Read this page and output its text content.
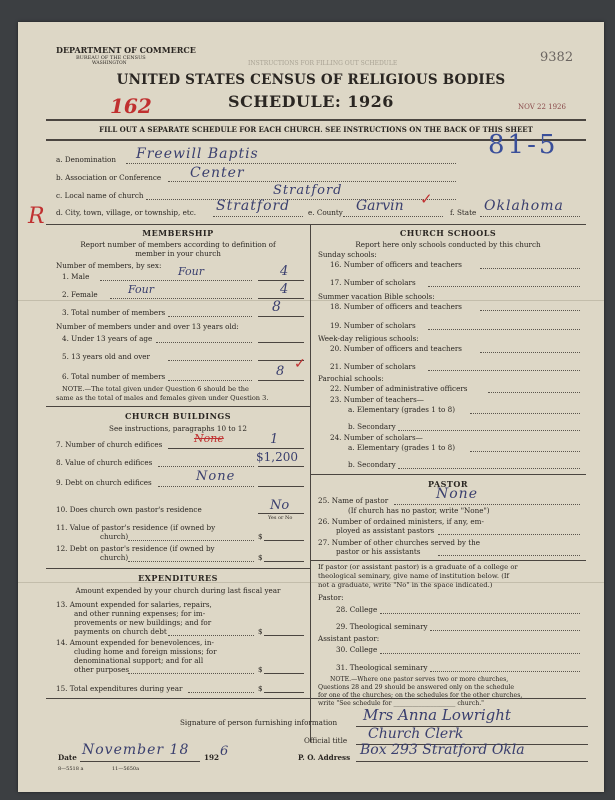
DEPARTMENT OF COMMERCE
BUREAU OF THE CENSUS
WASHINGTON	INSTRUCTIONS FOR FILLING OUT SCHEDULE	9382
UNITED STATES CENSUS OF RELIGIOUS BODIES
SCHEDULE: 1926
162	NOV 22 1926
FILL OUT A SEPARATE SCHEDULE FOR EACH CHURCH. SEE INSTRUCTIONS ON THE BACK OF THIS SHEET
81-5
a. Denomination Freewill Baptis
b. Association or Conference Center
c. Local name of church	Stratford
R d. City, town, village, or township, etc. Stratford e. County Garvin ✓
f. State Oklahoma
MEMBERSHIP
Report number of members according to definition of
member in your church
Number of members, by sex:
1. Male	Four	4
2. Female	Four	4
3. Total number of members	8
Number of members under and over 13 years old:
4. Under 13 years of age
5. 13 years old and over
6. Total number of members	8 ✓
NOTE.—The total given under Question 6 should be the
same as the total of males and females given under Question 3.
CHURCH BUILDINGS
See instructions, paragraphs 10 to 12
7. Number of church edifices	None	1
8. Value of church edifices	$1,200
9. Debt on church edifices	None
10. Does church own pastor's residence	No
Yes or No
11. Value of pastor's residence (if owned by
church)	$
12. Debt on pastor's residence (if owned by
church)	$
EXPENDITURES
Amount expended by your church during last fiscal year
13. Amount expended for salaries, repairs,
and other running expenses; for im-
provements or new buildings; and for
payments on church debt	$
14. Amount expended for benevolences, in-
cluding home and foreign missions; for
denominational support; and for all
other purposes	$
15. Total expenditures during year	$
CHURCH SCHOOLS
Report here only schools conducted by this church
Sunday schools:
16. Number of officers and teachers
17. Number of scholars
Summer vacation Bible schools:
18. Number of officers and teachers
19. Number of scholars
Week-day religious schools:
20. Number of officers and teachers
21. Number of scholars
Parochial schools:
22. Number of administrative officers
23. Number of teachers—
a. Elementary (grades 1 to 8)
b. Secondary
24. Number of scholars—
a. Elementary (grades 1 to 8)
b. Secondary
PASTOR
25. Name of pastor	None
(If church has no pastor, write "None")
26. Number of ordained ministers, if any, em-
ployed as assistant pastors
27. Number of other churches served by the
pastor or his assistants
If pastor (or assistant pastor) is a graduate of a college or
theological seminary, give name of institution below. (If
not a graduate, write "No" in the space indicated.)
Pastor:
28. College
29. Theological seminary
Assistant pastor:
30. College
31. Theological seminary
NOTE.—Where one pastor serves two or more churches,
Questions 28 and 29 should be answered only on the schedule
for one of the churches; on the schedules for the other churches,
write "See schedule for ____________________ church."
Signature of person furnishing information Mrs Anna Lowright
Official title Church Clerk
Date November 18 192 6	P. O. Address Box 293 Stratford Okla
8—5518 a	11—5650a
